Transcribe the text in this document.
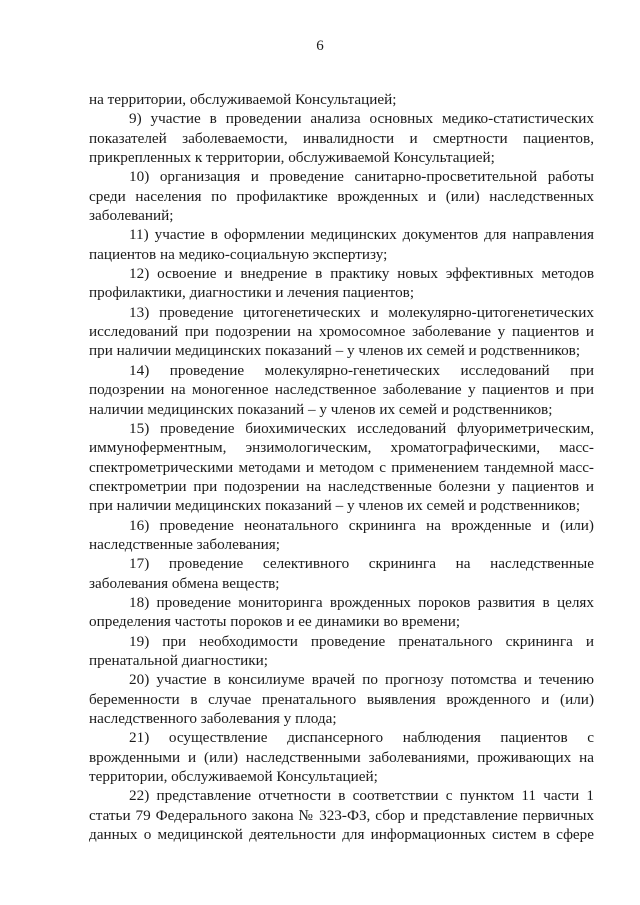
6

на территории, обслуживаемой Консультацией;

9) участие в проведении анализа основных медико-статистических показателей заболеваемости, инвалидности и смертности пациентов, прикрепленных к территории, обслуживаемой Консультацией;

10) организация и проведение санитарно-просветительной работы среди населения по профилактике врожденных и (или) наследственных заболеваний;

11) участие в оформлении медицинских документов для направления пациентов на медико-социальную экспертизу;

12) освоение и внедрение в практику новых эффективных методов профилактики, диагностики и лечения пациентов;

13) проведение цитогенетических и молекулярно-цитогенетических исследований при подозрении на хромосомное заболевание у пациентов и при наличии медицинских показаний – у членов их семей и родственников;

14) проведение молекулярно-генетических исследований при подозрении на моногенное наследственное заболевание у пациентов и при наличии медицинских показаний – у членов их семей и родственников;

15) проведение биохимических исследований флуориметрическим, иммуноферментным, энзимологическим, хроматографическими, масс-спектрометрическими методами и методом с применением тандемной масс-спектрометрии при подозрении на наследственные болезни у пациентов и при наличии медицинских показаний – у членов их семей и родственников;

16) проведение неонатального скрининга на врожденные и (или) наследственные заболевания;

17) проведение селективного скрининга на наследственные заболевания обмена веществ;

18) проведение мониторинга врожденных пороков развития в целях определения частоты пороков и ее динамики во времени;

19) при необходимости проведение пренатального скрининга и пренатальной диагностики;

20) участие в консилиуме врачей по прогнозу потомства и течению беременности в случае пренатального выявления врожденного и (или) наследственного заболевания у плода;

21) осуществление диспансерного наблюдения пациентов с врожденными и (или) наследственными заболеваниями, проживающих на территории, обслуживаемой Консультацией;

22) представление отчетности в соответствии с пунктом 11 части 1 статьи 79 Федерального закона № 323-ФЗ, сбор и представление первичных данных о медицинской деятельности для информационных систем в сфере
